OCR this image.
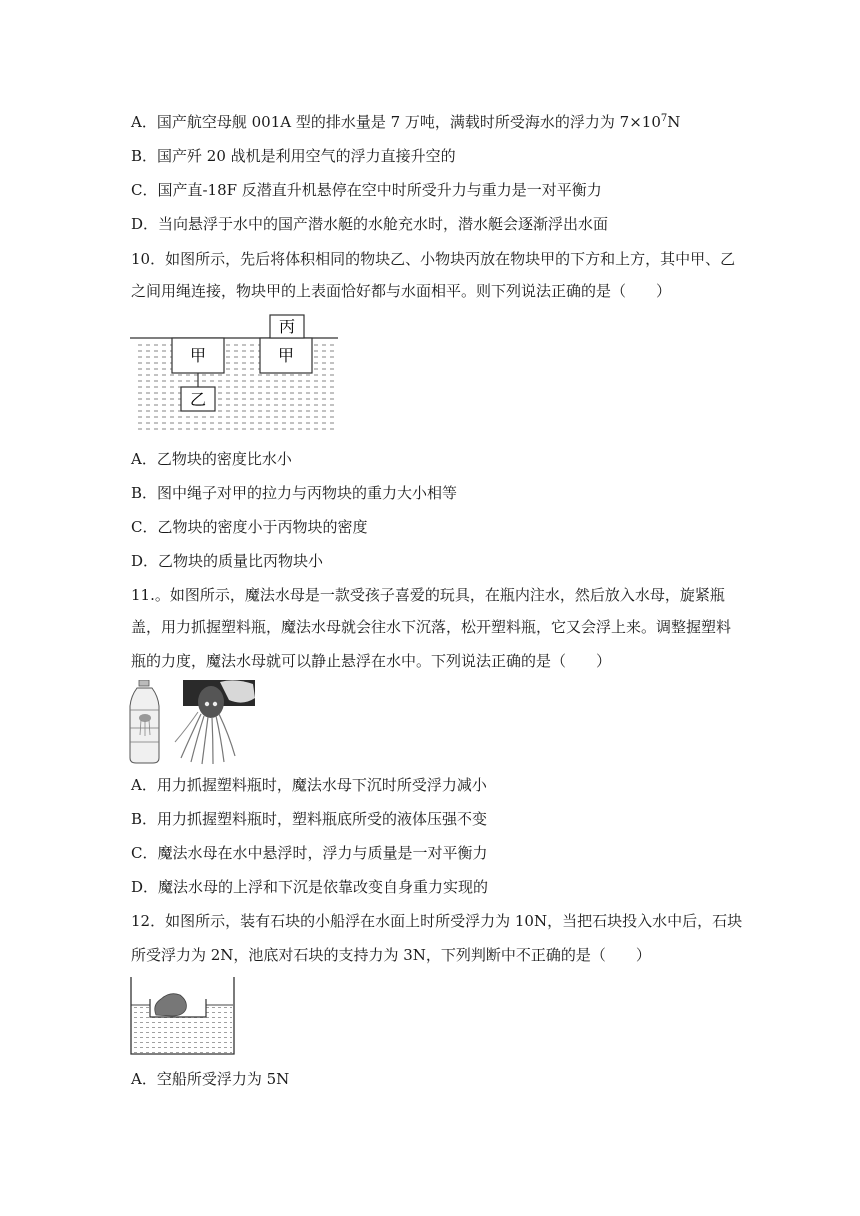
A．国产航空母舰 001A 型的排水量是 7 万吨，满载时所受海水的浮力为 $7\times 10^7N$
B．国产歼 20 战机是利用空气的浮力直接升空的
C．国产直-18F 反潜直升机悬停在空中时所受升力与重力是一对平衡力
D．当向悬浮于水中的国产潜水艇的水舱充水时，潜水艇会逐渐浮出水面
10．如图所示，先后将体积相同的物块乙、小物块丙放在物块甲的下方和上方，其中甲、乙
之间用绳连接，物块甲的上表面恰好都与水面相平。则下列说法正确的是（　　）
甲
乙
甲
丙
A．乙物块的密度比水小
B．图中绳子对甲的拉力与丙物块的重力大小相等
C．乙物块的密度小于丙物块的密度
D．乙物块的质量比丙物块小
11.。如图所示，魔法水母是一款受孩子喜爱的玩具，在瓶内注水，然后放入水母，旋紧瓶
盖，用力抓握塑料瓶，魔法水母就会往水下沉落，松开塑料瓶，它又会浮上来。调整握塑料
瓶的力度，魔法水母就可以静止悬浮在水中。下列说法正确的是（　　）
A．用力抓握塑料瓶时，魔法水母下沉时所受浮力减小
B．用力抓握塑料瓶时，塑料瓶底所受的液体压强不变
C．魔法水母在水中悬浮时，浮力与质量是一对平衡力
D．魔法水母的上浮和下沉是依靠改变自身重力实现的
12．如图所示，装有石块的小船浮在水面上时所受浮力为 10N，当把石块投入水中后，石块
所受浮力为 2N，池底对石块的支持力为 3N，下列判断中不正确的是（　　）
A．空船所受浮力为 5N
